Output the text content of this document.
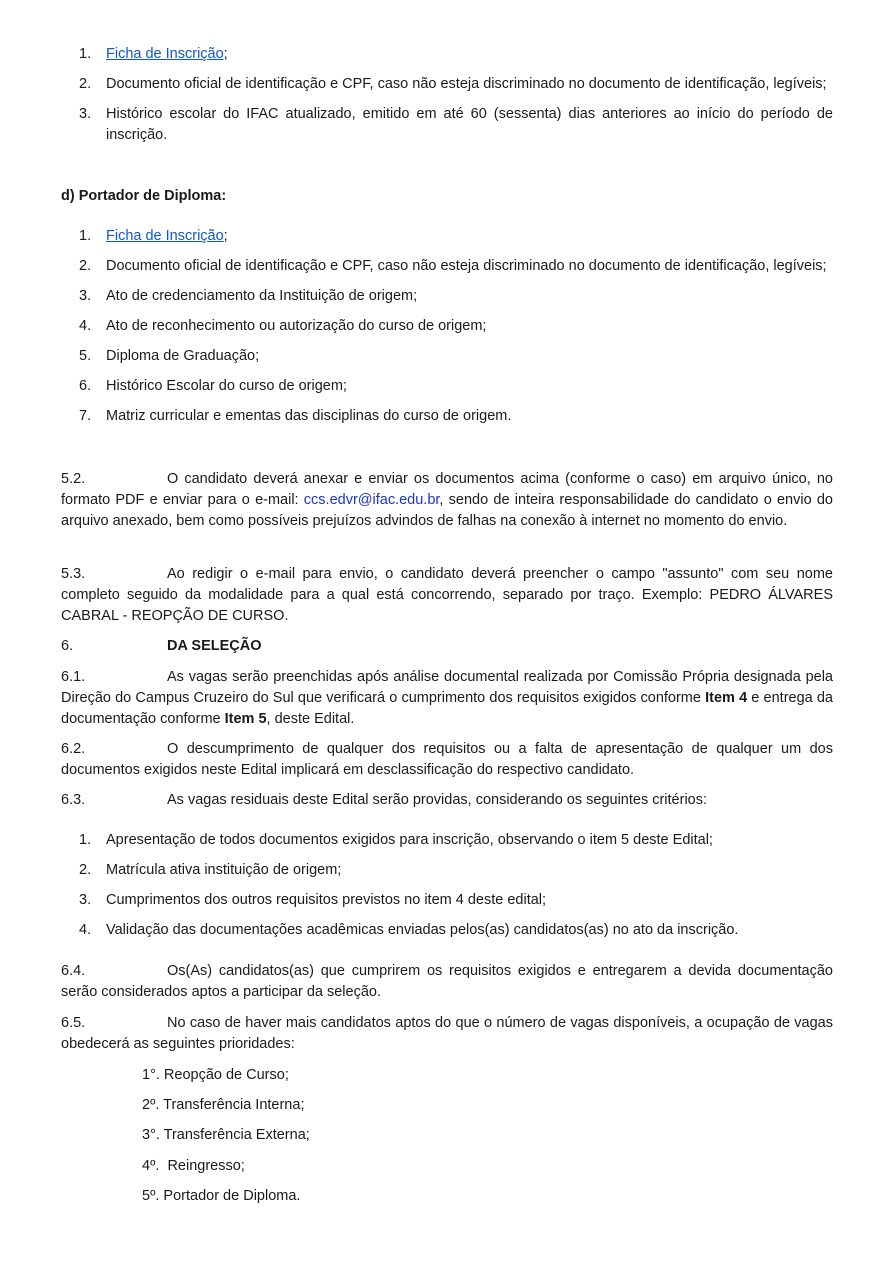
1. Ficha de Inscrição;
2. Documento oficial de identificação e CPF, caso não esteja discriminado no documento de identificação, legíveis;
3. Histórico escolar do IFAC atualizado, emitido em até 60 (sessenta) dias anteriores ao início do período de inscrição.
d) Portador de Diploma:
1. Ficha de Inscrição;
2. Documento oficial de identificação e CPF, caso não esteja discriminado no documento de identificação, legíveis;
3. Ato de credenciamento da Instituição de origem;
4. Ato de reconhecimento ou autorização do curso de origem;
5. Diploma de Graduação;
6. Histórico Escolar do curso de origem;
7. Matriz curricular e ementas das disciplinas do curso de origem.
5.2.	O candidato deverá anexar e enviar os documentos acima (conforme o caso) em arquivo único, no formato PDF e enviar para o e-mail: ccs.edvr@ifac.edu.br, sendo de inteira responsabilidade do candidato o envio do arquivo anexado, bem como possíveis prejuízos advindos de falhas na conexão à internet no momento do envio.
5.3.	Ao redigir o e-mail para envio, o candidato deverá preencher o campo "assunto" com seu nome completo seguido da modalidade para a qual está concorrendo, separado por traço. Exemplo: PEDRO ÁLVARES CABRAL - REOPÇÃO DE CURSO.
6.	DA SELEÇÃO
6.1.	As vagas serão preenchidas após análise documental realizada por Comissão Própria designada pela Direção do Campus Cruzeiro do Sul que verificará o cumprimento dos requisitos exigidos conforme Item 4 e entrega da documentação conforme Item 5, deste Edital.
6.2.	O descumprimento de qualquer dos requisitos ou a falta de apresentação de qualquer um dos documentos exigidos neste Edital implicará em desclassificação do respectivo candidato.
6.3.	As vagas residuais deste Edital serão providas, considerando os seguintes critérios:
1. Apresentação de todos documentos exigidos para inscrição, observando o item 5 deste Edital;
2. Matrícula ativa instituição de origem;
3. Cumprimentos dos outros requisitos previstos no item 4 deste edital;
4. Validação das documentações acadêmicas enviadas pelos(as) candidatos(as) no ato da inscrição.
6.4.	Os(As) candidatos(as) que cumprirem os requisitos exigidos e entregarem a devida documentação serão considerados aptos a participar da seleção.
6.5.	No caso de haver mais candidatos aptos do que o número de vagas disponíveis, a ocupação de vagas obedecerá as seguintes prioridades:
1°. Reopção de Curso;
2º. Transferência Interna;
3°. Transferência Externa;
4º.  Reingresso;
5º. Portador de Diploma.
